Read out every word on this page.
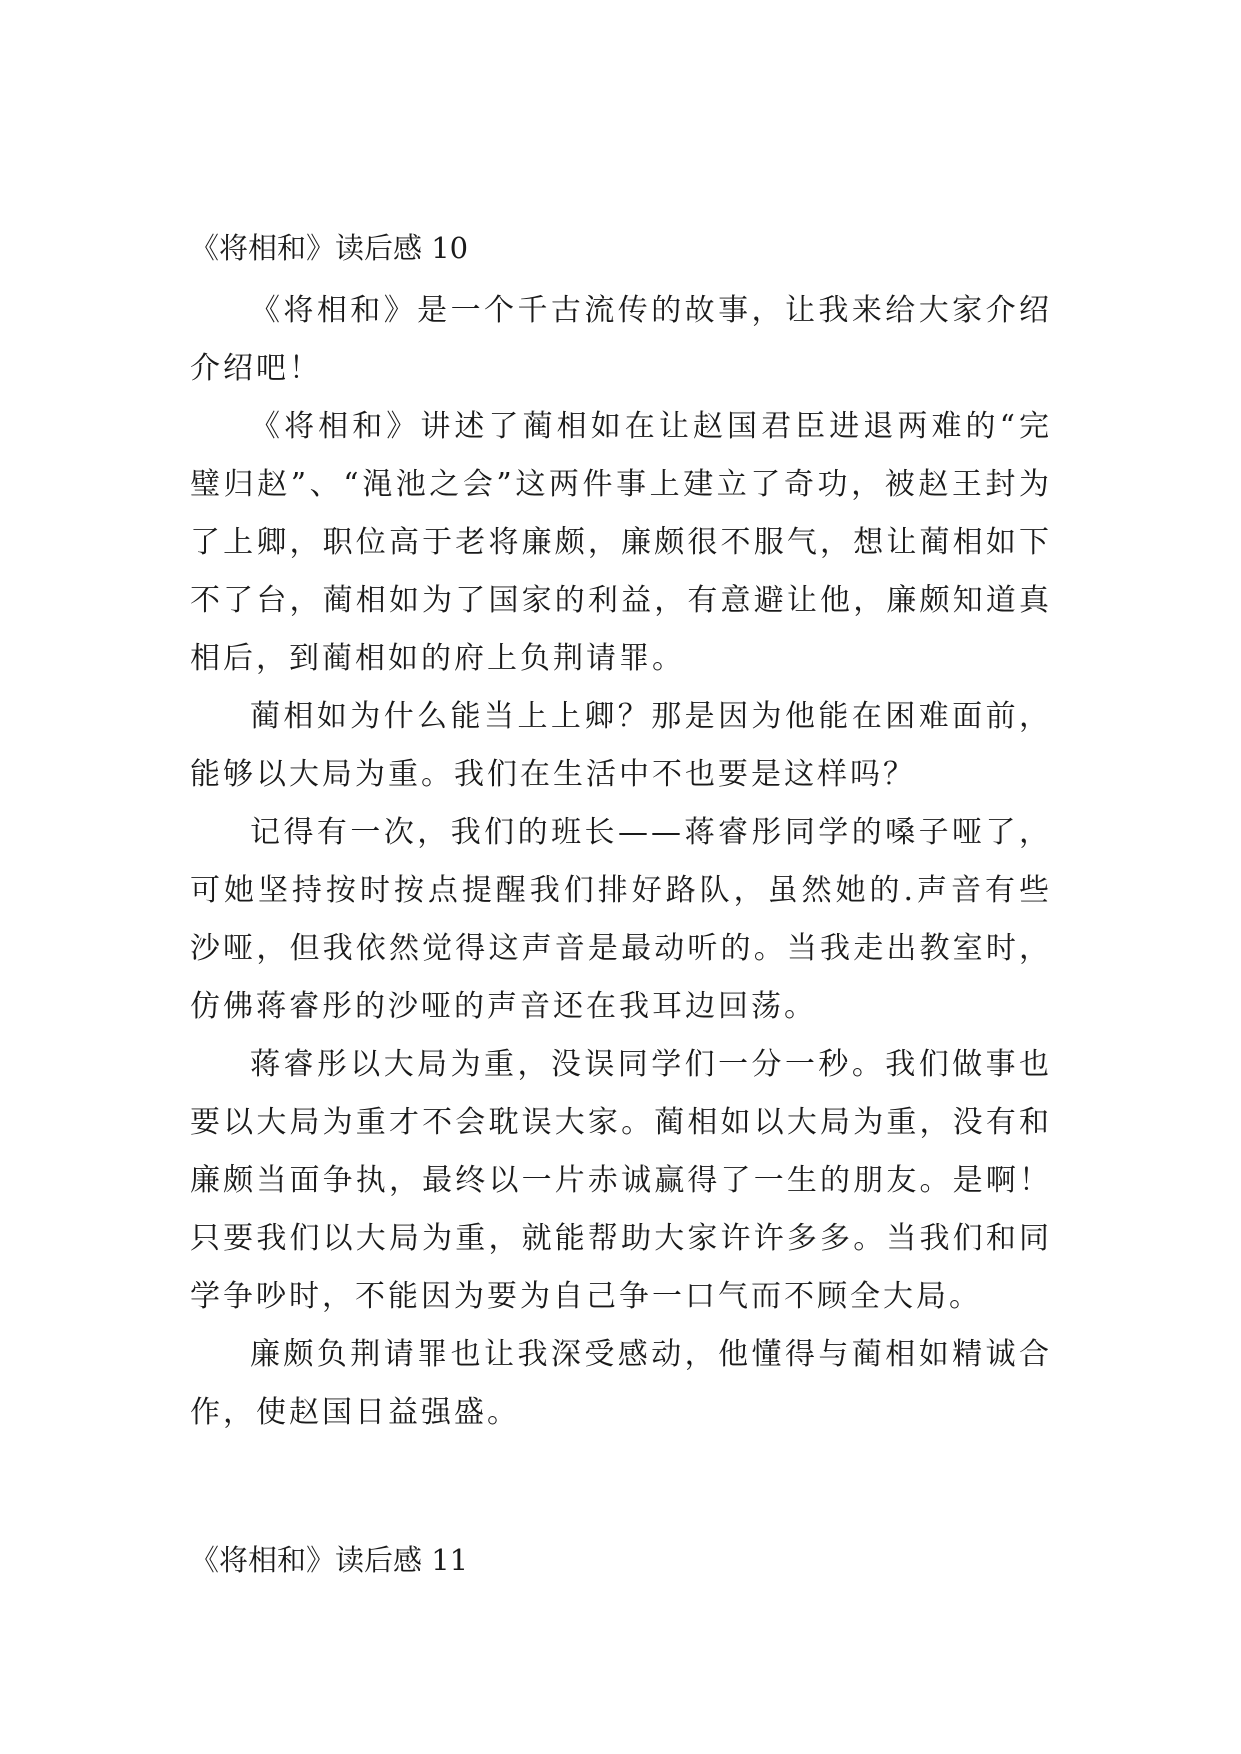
《将相和》读后感 10

《将相和》是一个千古流传的故事，让我来给大家介绍介绍吧！

《将相和》讲述了蔺相如在让赵国君臣进退两难的“完璧归赵”、“渑池之会”这两件事上建立了奇功，被赵王封为了上卿，职位高于老将廉颇，廉颇很不服气，想让蔺相如下不了台，蔺相如为了国家的利益，有意避让他，廉颇知道真相后，到蔺相如的府上负荆请罪。

蔺相如为什么能当上上卿？那是因为他能在困难面前，能够以大局为重。我们在生活中不也要是这样吗？

记得有一次，我们的班长——蒋睿彤同学的嗓子哑了，可她坚持按时按点提醒我们排好路队，虽然她的.声音有些沙哑，但我依然觉得这声音是最动听的。当我走出教室时，仿佛蒋睿彤的沙哑的声音还在我耳边回荡。

蒋睿彤以大局为重，没误同学们一分一秒。我们做事也要以大局为重才不会耽误大家。蔺相如以大局为重，没有和廉颇当面争执，最终以一片赤诚赢得了一生的朋友。是啊！只要我们以大局为重，就能帮助大家许许多多。当我们和同学争吵时，不能因为要为自己争一口气而不顾全大局。

廉颇负荆请罪也让我深受感动，他懂得与蔺相如精诚合作，使赵国日益强盛。

《将相和》读后感 11
